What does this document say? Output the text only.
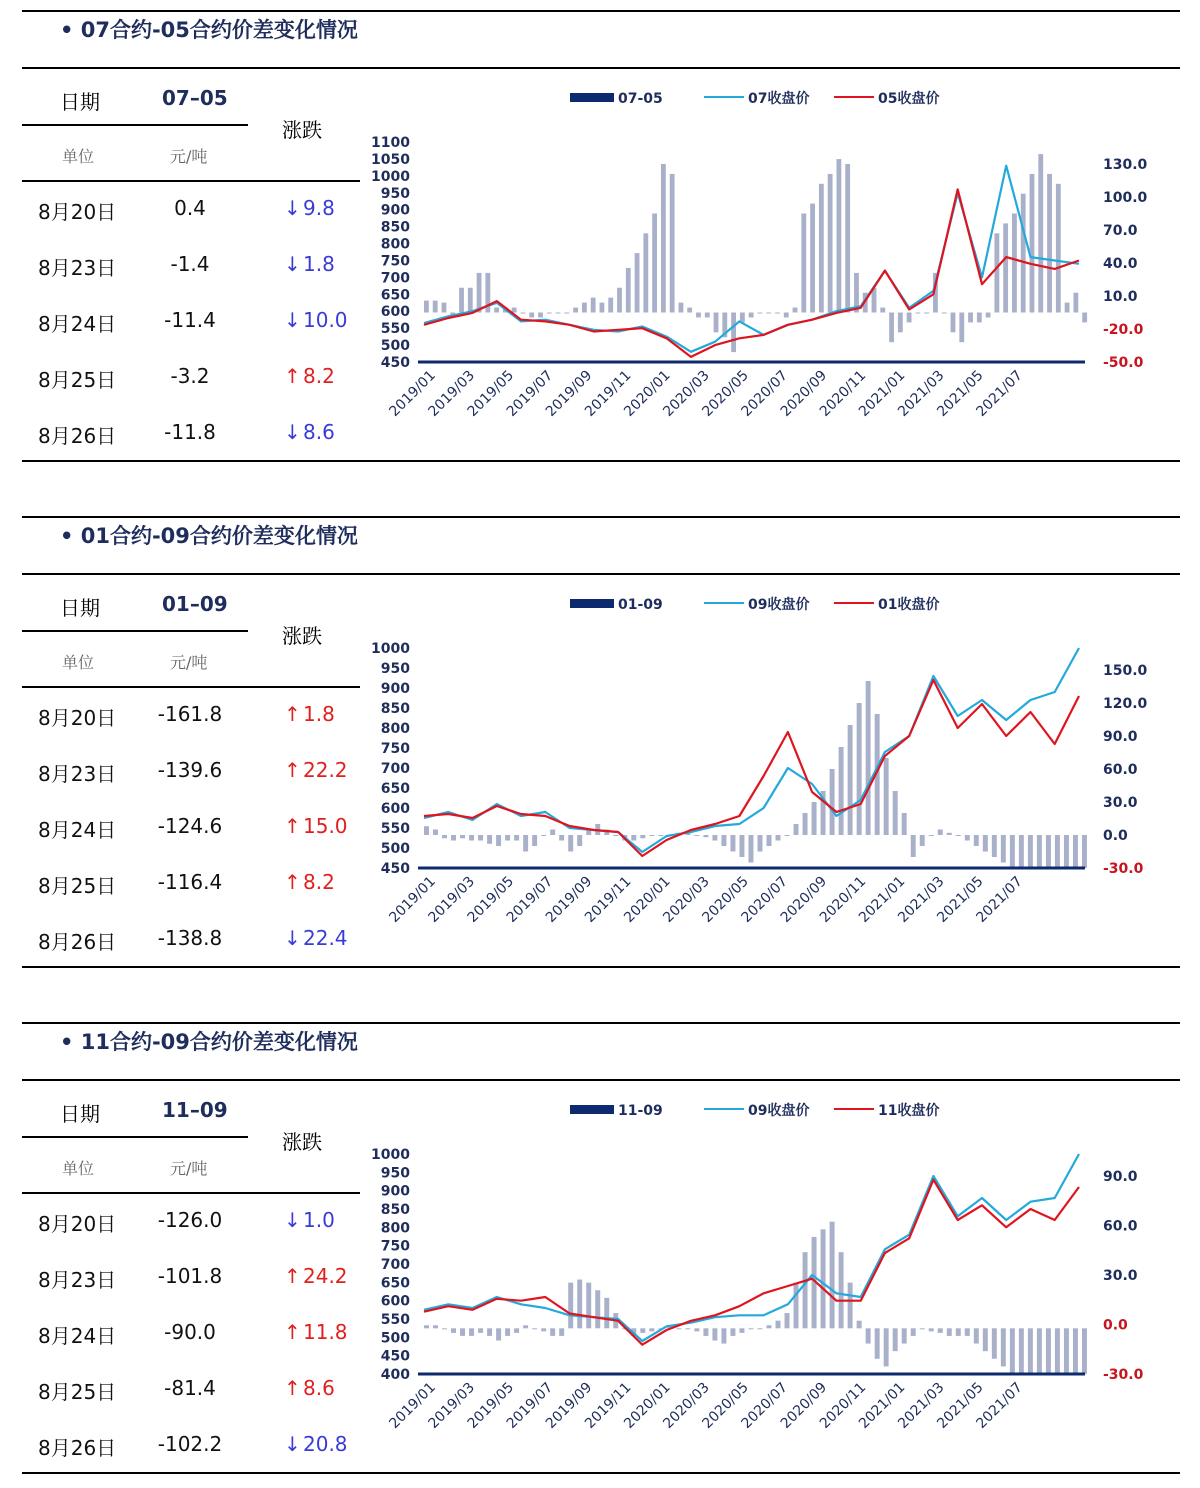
• 07合约-05合约价差变化情况
日期	07–05
涨跌
单位	元/吨
8月20日	0.4	↓ 9.8
8月23日	-1.4	↓ 1.8
8月24日	-11.4	↓ 10.0
8月25日	-3.2	↑ 8.2
8月26日	-11.8	↓ 8.6
07-05	07收盘价	05收盘价
1100
1050
1000
950
900
850
800
750
700
650
600
550
500
450
130.0
100.0
70.0
40.0
10.0
-20.0
-50.0
2019/01
2019/03
2019/05
2019/07
2019/09
2019/11
2020/01
2020/03
2020/05
2020/07
2020/09
2020/11
2021/01
2021/03
2021/05
2021/07
• 01合约-09合约价差变化情况
日期	01–09
涨跌
单位	元/吨
8月20日	-161.8	↑ 1.8
8月23日	-139.6	↑ 22.2
8月24日	-124.6	↑ 15.0
8月25日	-116.4	↑ 8.2
8月26日	-138.8	↓ 22.4
01-09	09收盘价	01收盘价
1000
950
900
850
800
750
700
650
600
550
500
450
150.0
120.0
90.0
60.0
30.0
0.0
-30.0
2019/01
2019/03
2019/05
2019/07
2019/09
2019/11
2020/01
2020/03
2020/05
2020/07
2020/09
2020/11
2021/01
2021/03
2021/05
2021/07
• 11合约-09合约价差变化情况
日期	11–09
涨跌
单位	元/吨
8月20日	-126.0	↓ 1.0
8月23日	-101.8	↑ 24.2
8月24日	-90.0	↑ 11.8
8月25日	-81.4	↑ 8.6
8月26日	-102.2	↓ 20.8
11-09	09收盘价	11收盘价
1000
950
900
850
800
750
700
650
600
550
500
450
400
90.0
60.0
30.0
0.0
-30.0
2019/01
2019/03
2019/05
2019/07
2019/09
2019/11
2020/01
2020/03
2020/05
2020/07
2020/09
2020/11
2021/01
2021/03
2021/05
2021/07
